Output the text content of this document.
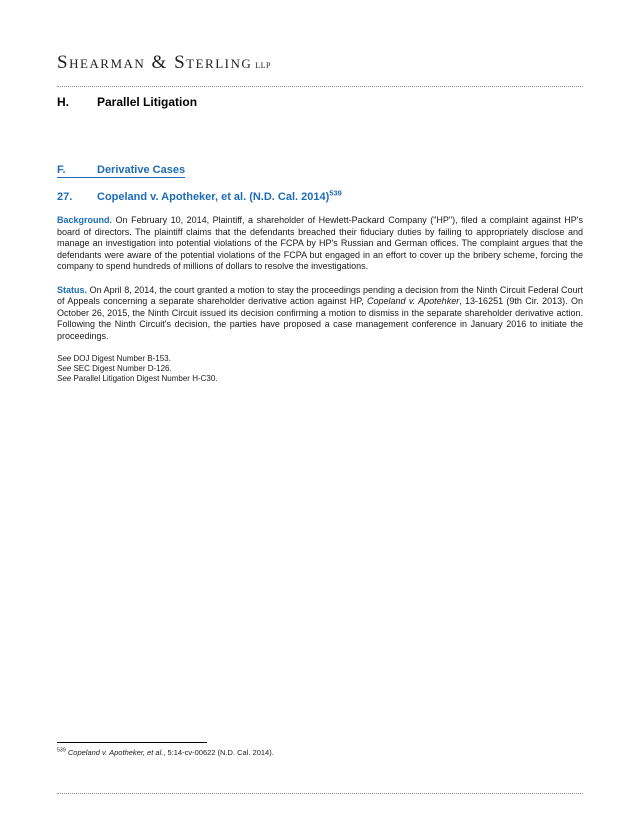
Shearman & Sterling LLP
H.	Parallel Litigation
F.	Derivative Cases
27.	Copeland v. Apotheker, et al. (N.D. Cal. 2014)$^{539}$

Background. On February 10, 2014, Plaintiff, a shareholder of Hewlett-Packard Company ("HP"), filed a complaint against HP's board of directors. The plaintiff claims that the defendants breached their fiduciary duties by failing to appropriately disclose and manage an investigation into potential violations of the FCPA by HP's Russian and German offices. The complaint argues that the defendants were aware of the potential violations of the FCPA but engaged in an effort to cover up the bribery scheme, forcing the company to spend hundreds of millions of dollars to resolve the investigations.

Status. On April 8, 2014, the court granted a motion to stay the proceedings pending a decision from the Ninth Circuit Federal Court of Appeals concerning a separate shareholder derivative action against HP, Copeland v. Apotehker, 13-16251 (9th Cir. 2013). On October 26, 2015, the Ninth Circuit issued its decision confirming a motion to dismiss in the separate shareholder derivative action. Following the Ninth Circuit's decision, the parties have proposed a case management conference in January 2016 to initiate the proceedings.

See DOJ Digest Number B-153.
See SEC Digest Number D-126.
See Parallel Litigation Digest Number H-C30.
$^{539}$ Copeland v. Apotheker, et al., 5:14-cv-00622 (N.D. Cal. 2014).
